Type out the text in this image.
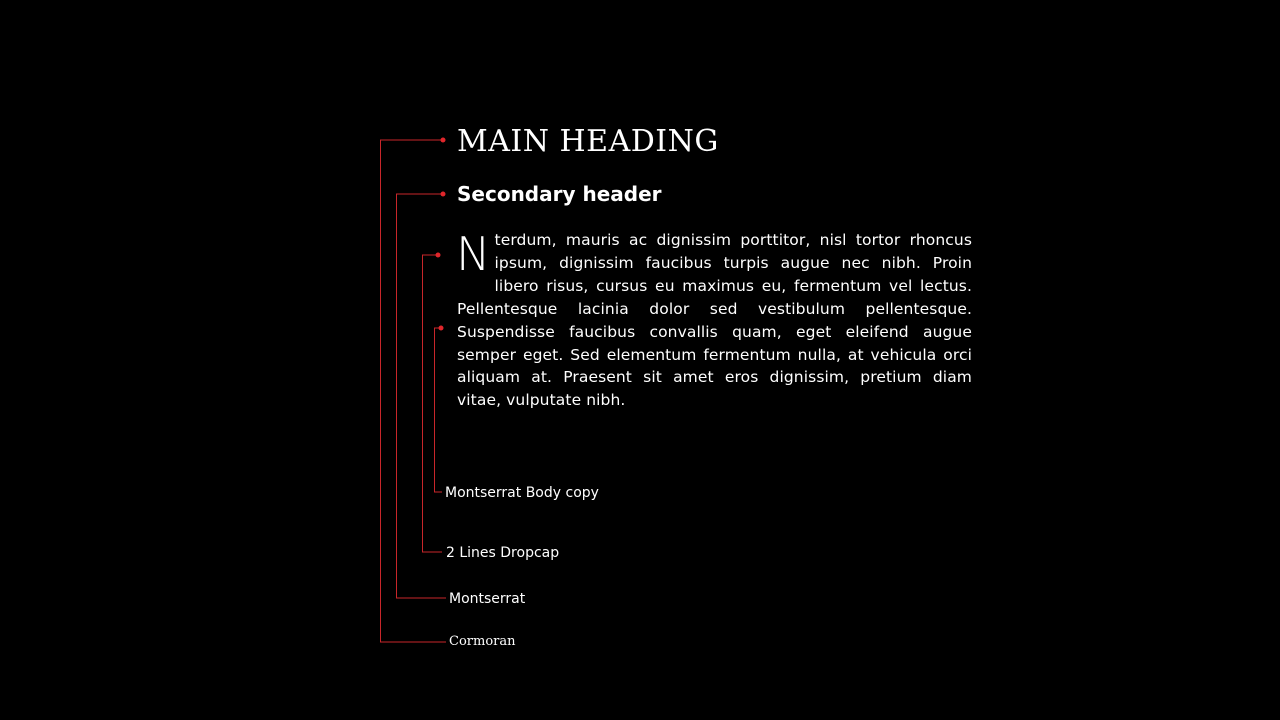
MAIN HEADING
Secondary header

Nterdum, mauris ac dignissim porttitor, nisl tortor rhoncus ipsum, dignissim faucibus turpis augue nec nibh. Proin libero risus, cursus eu maximus eu, fermentum vel lectus. Pellentesque lacinia dolor sed vestibulum pellentesque. Suspendisse faucibus convallis quam, eget eleifend augue semper eget. Sed elementum fermentum nulla, at vehicula orci aliquam at. Praesent sit amet eros dignissim, pretium diam vitae, vulputate nibh.

Montserrat Body copy
2 Lines Dropcap
Montserrat
Cormoran
